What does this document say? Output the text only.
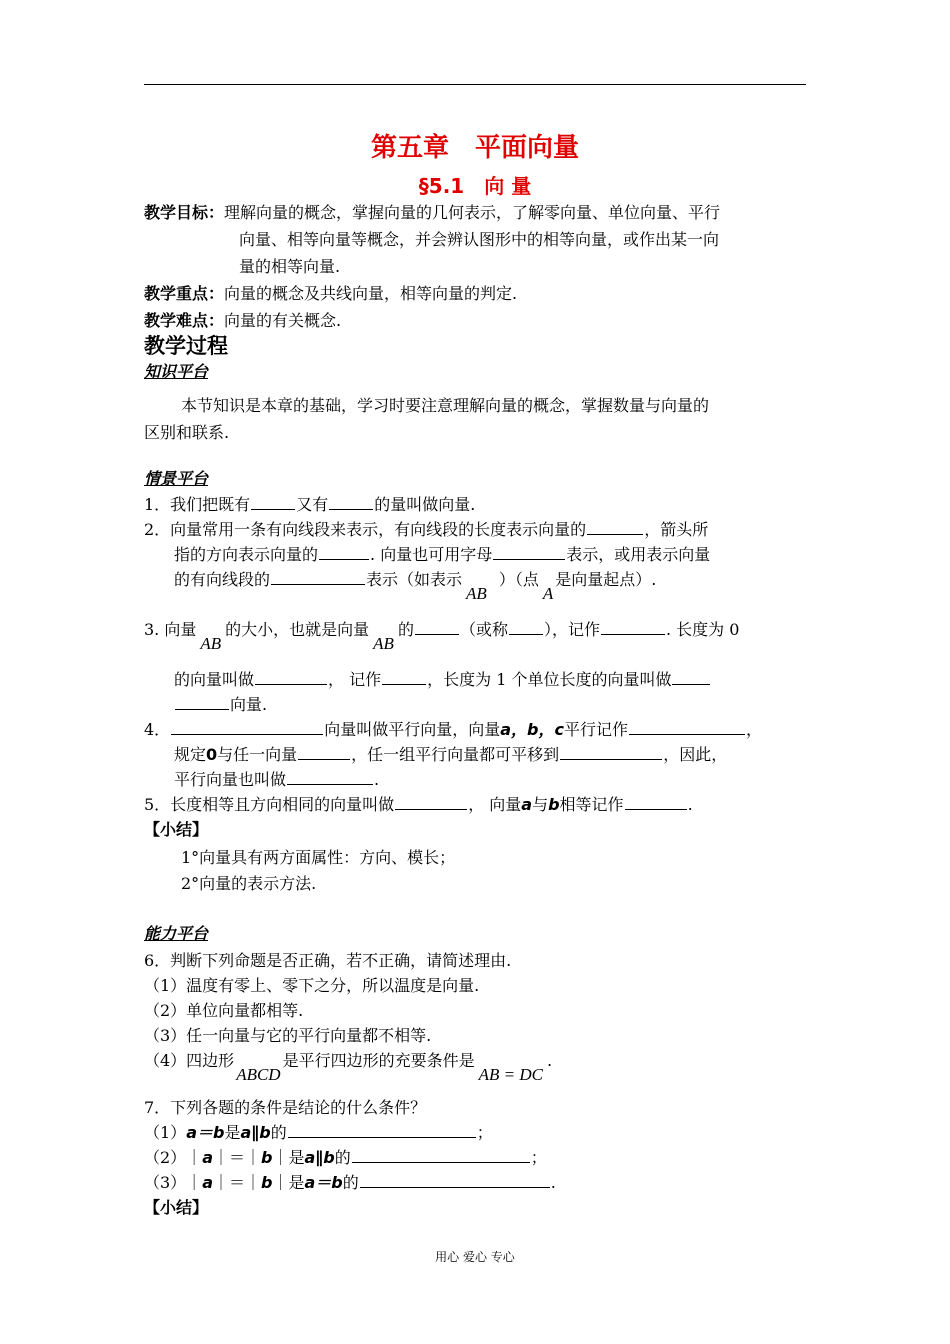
第五章　平面向量
§5.1　向 量
教学目标：理解向量的概念，掌握向量的几何表示，了解零向量、单位向量、平行
向量、相等向量等概念，并会辨认图形中的相等向量，或作出某一向
量的相等向量.
教学重点：向量的概念及共线向量，相等向量的判定.
教学难点：向量的有关概念.
教学过程
知识平台
本节知识是本章的基础，学习时要注意理解向量的概念，掌握数量与向量的
区别和联系.
情景平台
1．我们把既有	又有	的量叫做向量.
2．向量常用一条有向线段来表示，有向线段的长度表示向量的	，箭头所
指的方向表示向量的	. 向量也可用字母	表示，或用表示向量
的有向线段的	表示（如表示AB）（点A是向量起点）.
3. 向量AB的大小，也就是向量AB的	（或称 ），记作	. 长度为 0
的向量叫做	， 记作	，长度为 1 个单位长度的向量叫做
向量.
4．	向量叫做平行向量，向量a，b，c平行记作	，
规定0与任一向量	，任一组平行向量都可平移到	，因此，
平行向量也叫做	.
5．长度相等且方向相同的向量叫做	， 向量a与b相等记作	.
【小结】
1°向量具有两方面属性：方向、模长；
2°向量的表示方法.
能力平台
6．判断下列命题是否正确，若不正确，请简述理由.
（1）温度有零上、零下之分，所以温度是向量.
（2）单位向量都相等.
（3）任一向量与它的平行向量都不相等.
（4）四边形ABCD是平行四边形的充要条件是AB = DC.
7．下列各题的条件是结论的什么条件？
（1）a＝b是a∥b的	；
（2）｜a｜＝｜b｜是a∥b的	；
（3）｜a｜＝｜b｜是a＝b的	.
【小结】
用心 爱心 专心
